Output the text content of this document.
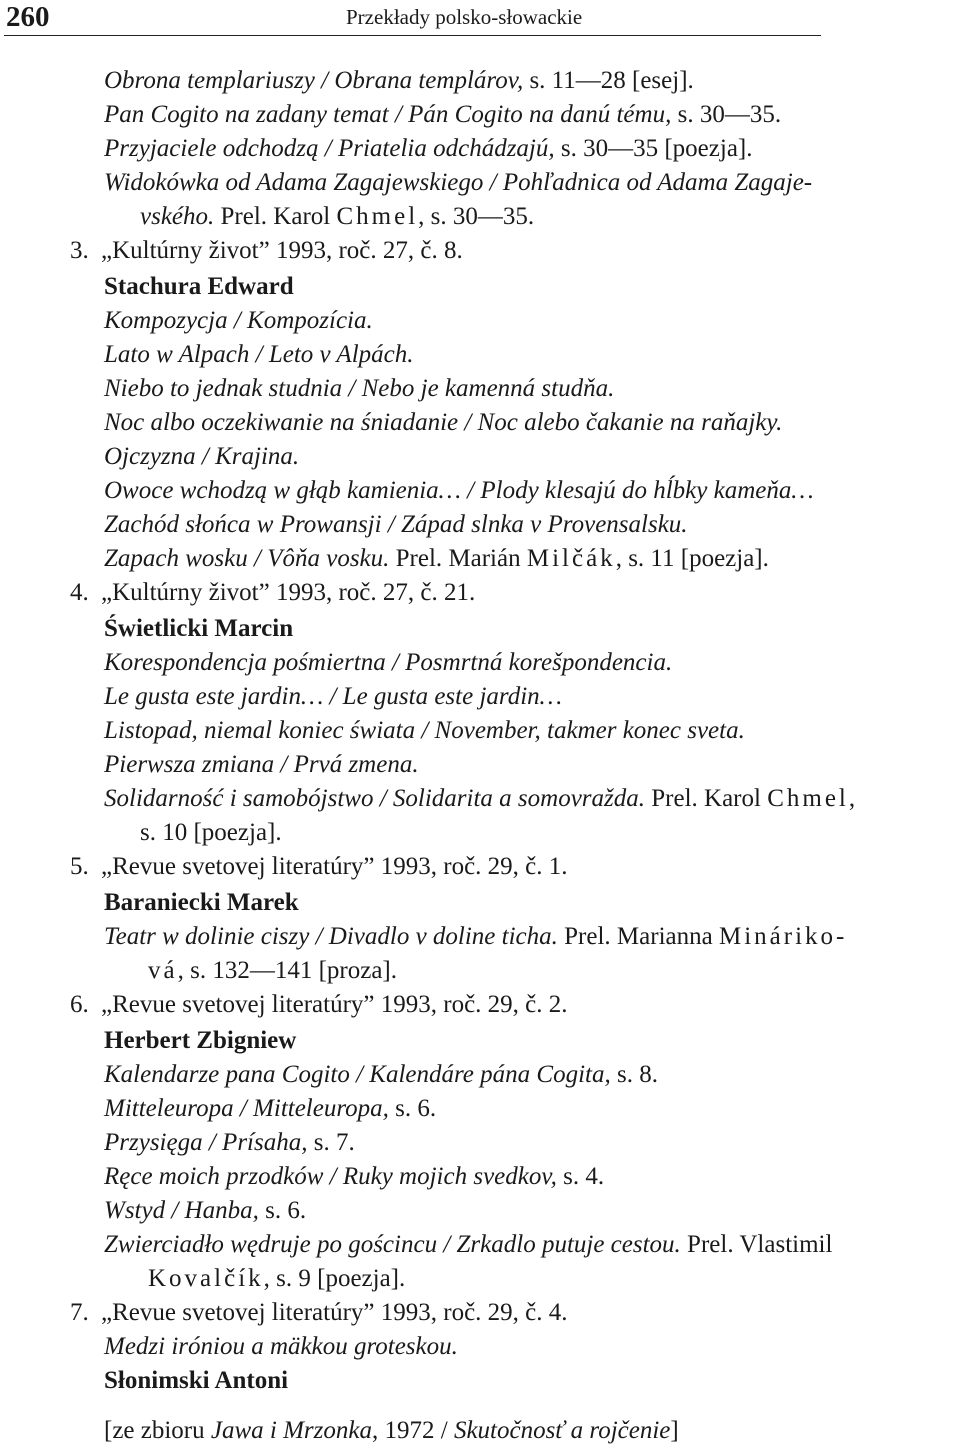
260	Przekłady polsko-słowackie
Obrona templariuszy / Obrana templárov, s. 11—28 [esej].
Pan Cogito na zadany temat / Pán Cogito na danú tému, s. 30—35.
Przyjaciele odchodzą / Priatelia odchádzajú, s. 30—35 [poezja].
Widokówka od Adama Zagajewskiego / Pohľadnica od Adama Zagaje-
vského. Prel. Karol Chmel, s. 30—35.
3. „Kultúrny život” 1993, roč. 27, č. 8.
Stachura Edward
Kompozycja / Kompozícia.
Lato w Alpach / Leto v Alpách.
Niebo to jednak studnia / Nebo je kamenná studňa.
Noc albo oczekiwanie na śniadanie / Noc alebo čakanie na raňajky.
Ojczyzna / Krajina.
Owoce wchodzą w głąb kamienia… / Plody klesajú do hĺbky kameňa…
Zachód słońca w Prowansji / Západ slnka v Provensalsku.
Zapach wosku / Vôňa vosku. Prel. Marián Milčák, s. 11 [poezja].
4. „Kultúrny život” 1993, roč. 27, č. 21.
Świetlicki Marcin
Korespondencja pośmiertna / Posmrtná korešpondencia.
Le gusta este jardin… / Le gusta este jardin…
Listopad, niemal koniec świata / November, takmer konec sveta.
Pierwsza zmiana / Prvá zmena.
Solidarność i samobójstwo / Solidarita a somovražda. Prel. Karol Chmel,
s. 10 [poezja].
5. „Revue svetovej literatúry” 1993, roč. 29, č. 1.
Baraniecki Marek
Teatr w dolinie ciszy / Divadlo v doline ticha. Prel. Marianna Mináriko-
vá, s. 132—141 [proza].
6. „Revue svetovej literatúry” 1993, roč. 29, č. 2.
Herbert Zbigniew
Kalendarze pana Cogito / Kalendáre pána Cogita, s. 8.
Mitteleuropa / Mitteleuropa, s. 6.
Przysięga / Prísaha, s. 7.
Ręce moich przodków / Ruky mojich svedkov, s. 4.
Wstyd / Hanba, s. 6.
Zwierciadło wędruje po gościncu / Zrkadlo putuje cestou. Prel. Vlastimil
Kovalčík, s. 9 [poezja].
7. „Revue svetovej literatúry” 1993, roč. 29, č. 4.
Medzi iróniou a mäkkou groteskou.
Słonimski Antoni
[ze zbioru Jawa i Mrzonka, 1972 / Skutočnosť a rojčenie]
